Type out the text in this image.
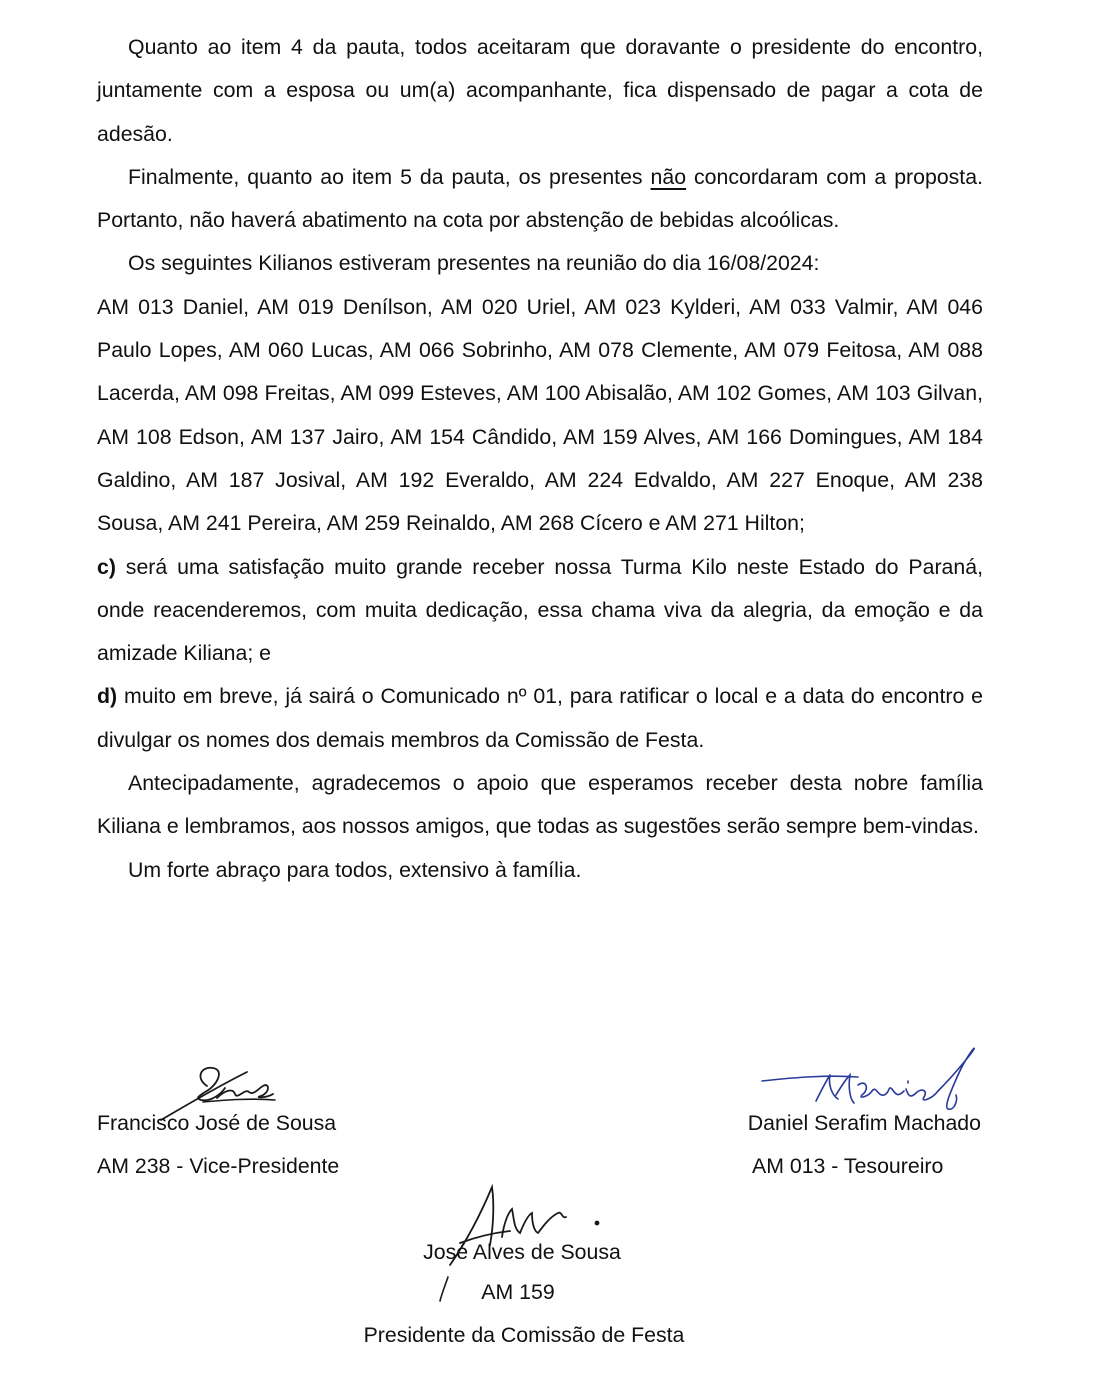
Quanto ao item 4 da pauta, todos aceitaram que doravante o presidente do encontro, juntamente com a esposa ou um(a) acompanhante, fica dispensado de pagar a cota de adesão.

Finalmente, quanto ao item 5 da pauta, os presentes não concordaram com a proposta. Portanto, não haverá abatimento na cota por abstenção de bebidas alcoólicas.

Os seguintes Kilianos estiveram presentes na reunião do dia 16/08/2024:

AM 013 Daniel, AM 019 Denílson, AM 020 Uriel, AM 023 Kylderi, AM 033 Valmir, AM 046 Paulo Lopes, AM 060 Lucas, AM 066 Sobrinho, AM 078 Clemente, AM 079 Feitosa, AM 088 Lacerda, AM 098 Freitas, AM 099 Esteves, AM 100 Abisalão, AM 102 Gomes, AM 103 Gilvan, AM 108 Edson, AM 137 Jairo, AM 154 Cândido, AM 159 Alves, AM 166 Domingues, AM 184 Galdino, AM 187 Josival, AM 192 Everaldo, AM 224 Edvaldo, AM 227 Enoque, AM 238 Sousa, AM 241 Pereira, AM 259 Reinaldo, AM 268 Cícero e AM 271 Hilton;

c) será uma satisfação muito grande receber nossa Turma Kilo neste Estado do Paraná, onde reacenderemos, com muita dedicação, essa chama viva da alegria, da emoção e da amizade Kiliana; e

d) muito em breve, já sairá o Comunicado nº 01, para ratificar o local e a data do encontro e divulgar os nomes dos demais membros da Comissão de Festa.

Antecipadamente, agradecemos o apoio que esperamos receber desta nobre família Kiliana e lembramos, aos nossos amigos, que todas as sugestões serão sempre bem-vindas.

Um forte abraço para todos, extensivo à família.

Francisco José de Sousa
AM 238 - Vice-Presidente
Daniel Serafim Machado
AM 013 - Tesoureiro
José Alves de Sousa
AM 159
Presidente da Comissão de Festa
